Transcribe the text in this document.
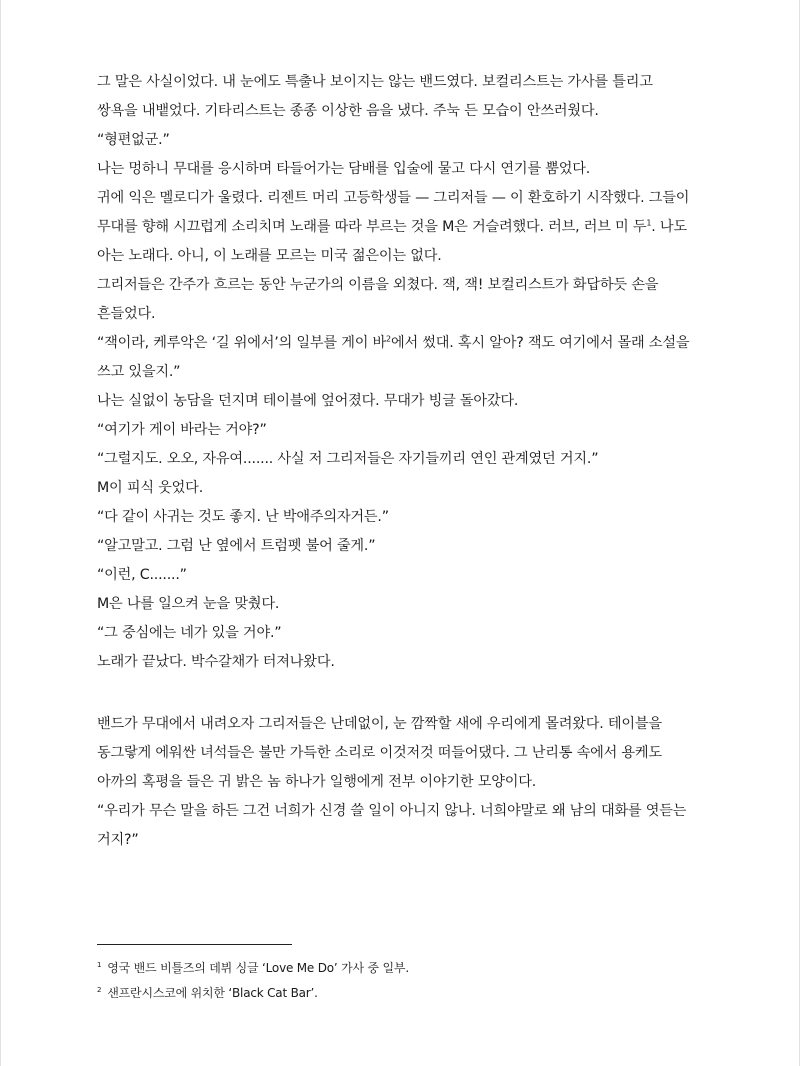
그 말은 사실이었다. 내 눈에도 특출나 보이지는 않는 밴드였다. 보컬리스트는 가사를 틀리고

쌍욕을 내뱉었다. 기타리스트는 종종 이상한 음을 냈다. 주눅 든 모습이 안쓰러웠다.

“형편없군.”

나는 멍하니 무대를 응시하며 타들어가는 담배를 입술에 물고 다시 연기를 뿜었다.

귀에 익은 멜로디가 울렸다. 리젠트 머리 고등학생들 — 그리저들 — 이 환호하기 시작했다. 그들이

무대를 향해 시끄럽게 소리치며 노래를 따라 부르는 것을 M은 거슬려했다. 러브, 러브 미 두$^1$. 나도

아는 노래다. 아니, 이 노래를 모르는 미국 젊은이는 없다.

그리저들은 간주가 흐르는 동안 누군가의 이름을 외쳤다. 잭, 잭! 보컬리스트가 화답하듯 손을

흔들었다.

“잭이라, 케루악은 ‘길 위에서’의 일부를 게이 바$^2$에서 썼대. 혹시 알아? 잭도 여기에서 몰래 소설을

쓰고 있을지.”

나는 실없이 농담을 던지며 테이블에 엎어졌다. 무대가 빙글 돌아갔다.

“여기가 게이 바라는 거야?”

“그럴지도. 오오, 자유여....... 사실 저 그리저들은 자기들끼리 연인 관계였던 거지.”

M이 피식 웃었다.

“다 같이 사귀는 것도 좋지. 난 박애주의자거든.”

“알고말고. 그럼 난 옆에서 트럼펫 불어 줄게.”

“이런, C.......”

M은 나를 일으켜 눈을 맞췄다.

“그 중심에는 네가 있을 거야.”

노래가 끝났다. 박수갈채가 터져나왔다.

밴드가 무대에서 내려오자 그리저들은 난데없이, 눈 깜짝할 새에 우리에게 몰려왔다. 테이블을

동그랗게 에워싼 녀석들은 불만 가득한 소리로 이것저것 떠들어댔다. 그 난리통 속에서 용케도

아까의 혹평을 들은 귀 밝은 놈 하나가 일행에게 전부 이야기한 모양이다.

“우리가 무슨 말을 하든 그건 너희가 신경 쓸 일이 아니지 않나. 너희야말로 왜 남의 대화를 엿듣는

거지?”

$^1$ 영국 밴드 비틀즈의 데뷔 싱글 ‘Love Me Do’ 가사 중 일부.

$^2$ 샌프란시스코에 위치한 ‘Black Cat Bar’.
